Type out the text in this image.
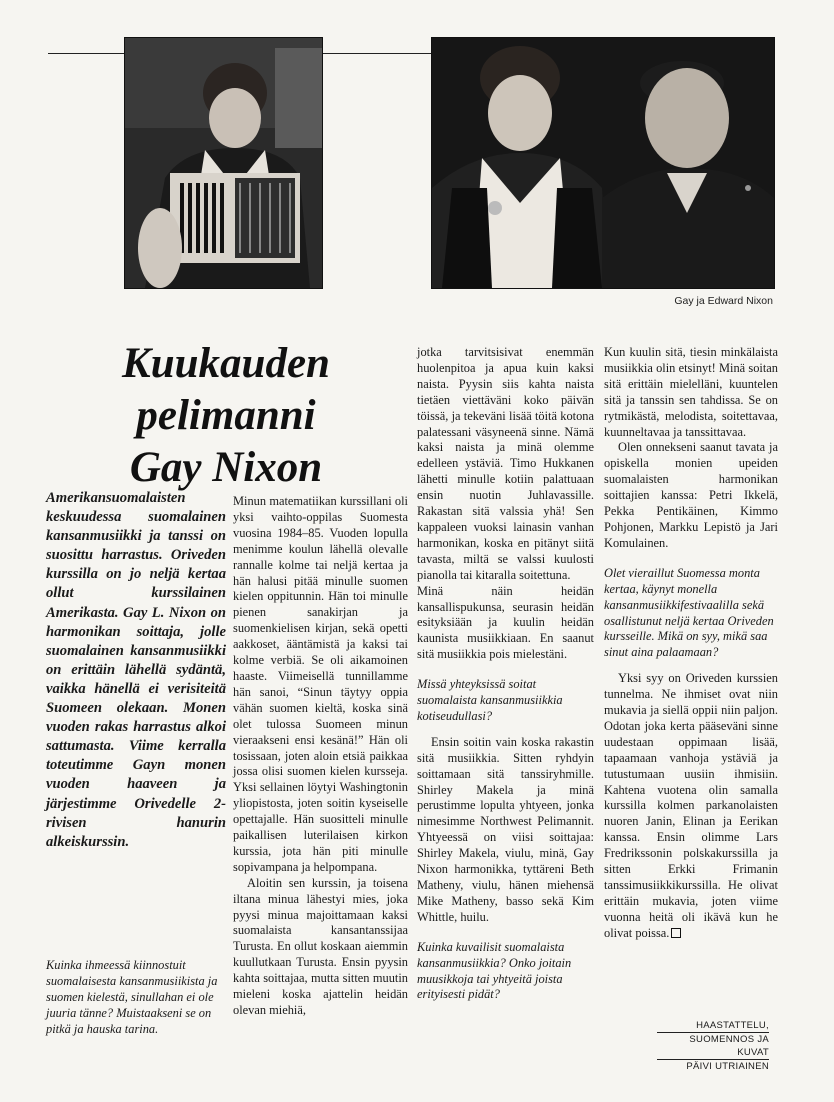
Gay ja Edward Nixon
Kuukauden
pelimanni
Gay Nixon
Amerikansuomalaisten keskuudessa suomalainen kansanmusiikki ja tanssi on suosittu harrastus. Oriveden kurssilla on jo neljä kertaa ollut kurssilainen Amerikasta. Gay L. Nixon on harmonikan soittaja, jolle suomalainen kansanmusiikki on erittäin lähellä sydäntä, vaikka hänellä ei verisiteitä Suomeen olekaan. Monen vuoden rakas harrastus alkoi sattumasta. Viime kerralla toteutimme Gayn monen vuoden haaveen ja järjestimme Orivedelle 2-rivisen hanurin alkeiskurssin.
Kuinka ihmeessä kiinnostuit suomalaisesta kansanmusiikista ja suomen kielestä, sinullahan ei ole juuria tänne? Muistaakseni se on pitkä ja hauska tarina.

Minun matematiikan kurssillani oli yksi vaihto-oppilas Suomesta vuosina 1984–85. Vuoden lopulla menimme koulun lähellä olevalle rannalle kolme tai neljä kertaa ja hän halusi pitää minulle suomen kielen oppitunnin. Hän toi minulle pienen sanakirjan ja suomenkielisen kirjan, sekä opetti aakkoset, ääntämistä ja kaksi tai kolme verbiä. Se oli aikamoinen haaste. Viimeisellä tunnillamme hän sanoi, “Sinun täytyy oppia vähän suomen kieltä, koska sinä olet tulossa Suomeen minun vieraakseni ensi kesänä!” Hän oli tosissaan, joten aloin etsiä paikkaa jossa olisi suomen kielen kursseja. Yksi sellainen löytyi Washingtonin yliopistosta, joten soitin kyseiselle opettajalle. Hän suositteli minulle paikallisen luterilaisen kirkon kurssia, jota hän piti minulle sopivampana ja helpompana.

Aloitin sen kurssin, ja toisena iltana minua lähestyi mies, joka pyysi minua majoittamaan kaksi suomalaista kansantanssijaa Turusta. En ollut koskaan aiemmin kuullutkaan Turusta. Ensin pyysin kahta soittajaa, mutta sitten muutin mieleni koska ajattelin heidän olevan miehiä,

jotka tarvitsisivat enemmän huolenpitoa ja apua kuin kaksi naista. Pyysin siis kahta naista tietäen viettäväni koko päivän töissä, ja tekeväni lisää töitä kotona palatessani väsyneenä sinne. Nämä kaksi naista ja minä olemme edelleen ystäviä. Timo Hukkanen lähetti minulle kotiin palattuaan ensin nuotin Juhlavassille. Rakastan sitä valssia yhä! Sen kappaleen vuoksi lainasin vanhan harmonikan, koska en pitänyt siitä tavasta, miltä se valssi kuulosti pianolla tai kitaralla soitettuna.

Minä näin heidän kansallispukunsa, seurasin heidän esityksiään ja kuulin heidän kaunista musiikkiaan. En saanut sitä musiikkia pois mielestäni.

Missä yhteyksissä soitat suomalaista kansanmusiikkia kotiseudullasi?

Ensin soitin vain koska rakastin sitä musiikkia. Sitten ryhdyin soittamaan sitä tanssiryhmille. Shirley Makela ja minä perustimme lopulta yhtyeen, jonka nimesimme Northwest Pelimannit. Yhtyeessä on viisi soittajaa: Shirley Makela, viulu, minä, Gay Nixon harmonikka, tyttäreni Beth Matheny, viulu, hänen miehensä Mike Matheny, basso sekä Kim Whittle, huilu.

Kuinka kuvailisit suomalaista kansanmusiikkia? Onko joitain muusikkoja tai yhtyeitä joista erityisesti pidät?

Kun kuulin sitä, tiesin minkälaista musiikkia olin etsinyt! Minä soitan sitä erittäin mielelläni, kuuntelen sitä ja tanssin sen tahdissa. Se on rytmikästä, melodista, soitettavaa, kuunneltavaa ja tanssittavaa.

Olen onnekseni saanut tavata ja opiskella monien upeiden suomalaisten harmonikan soittajien kanssa: Petri Ikkelä, Pekka Pentikäinen, Kimmo Pohjonen, Markku Lepistö ja Jari Komulainen.

Olet vieraillut Suomessa monta kertaa, käynyt monella kansanmusiikkifestivaalilla sekä osallistunut neljä kertaa Oriveden kursseille. Mikä on syy, mikä saa sinut aina palaamaan?

Yksi syy on Oriveden kurssien tunnelma. Ne ihmiset ovat niin mukavia ja siellä oppii niin paljon. Odotan joka kerta pääseväni sinne uudestaan oppimaan lisää, tapaamaan vanhoja ystäviä ja tutustumaan uusiin ihmisiin. Kahtena vuotena olin samalla kurssilla kolmen parkanolaisten nuoren Janin, Elinan ja Eerikan kanssa. Ensin olimme Lars Fredrikssonin polskakurssilla ja sitten Erkki Frimanin tanssimusiikkikurssilla. He olivat erittäin mukavia, joten viime vuonna heitä oli ikävä kun he olivat poissa.

HAASTATTELU,
SUOMENNOS JA KUVAT
PÄIVI UTRIAINEN
